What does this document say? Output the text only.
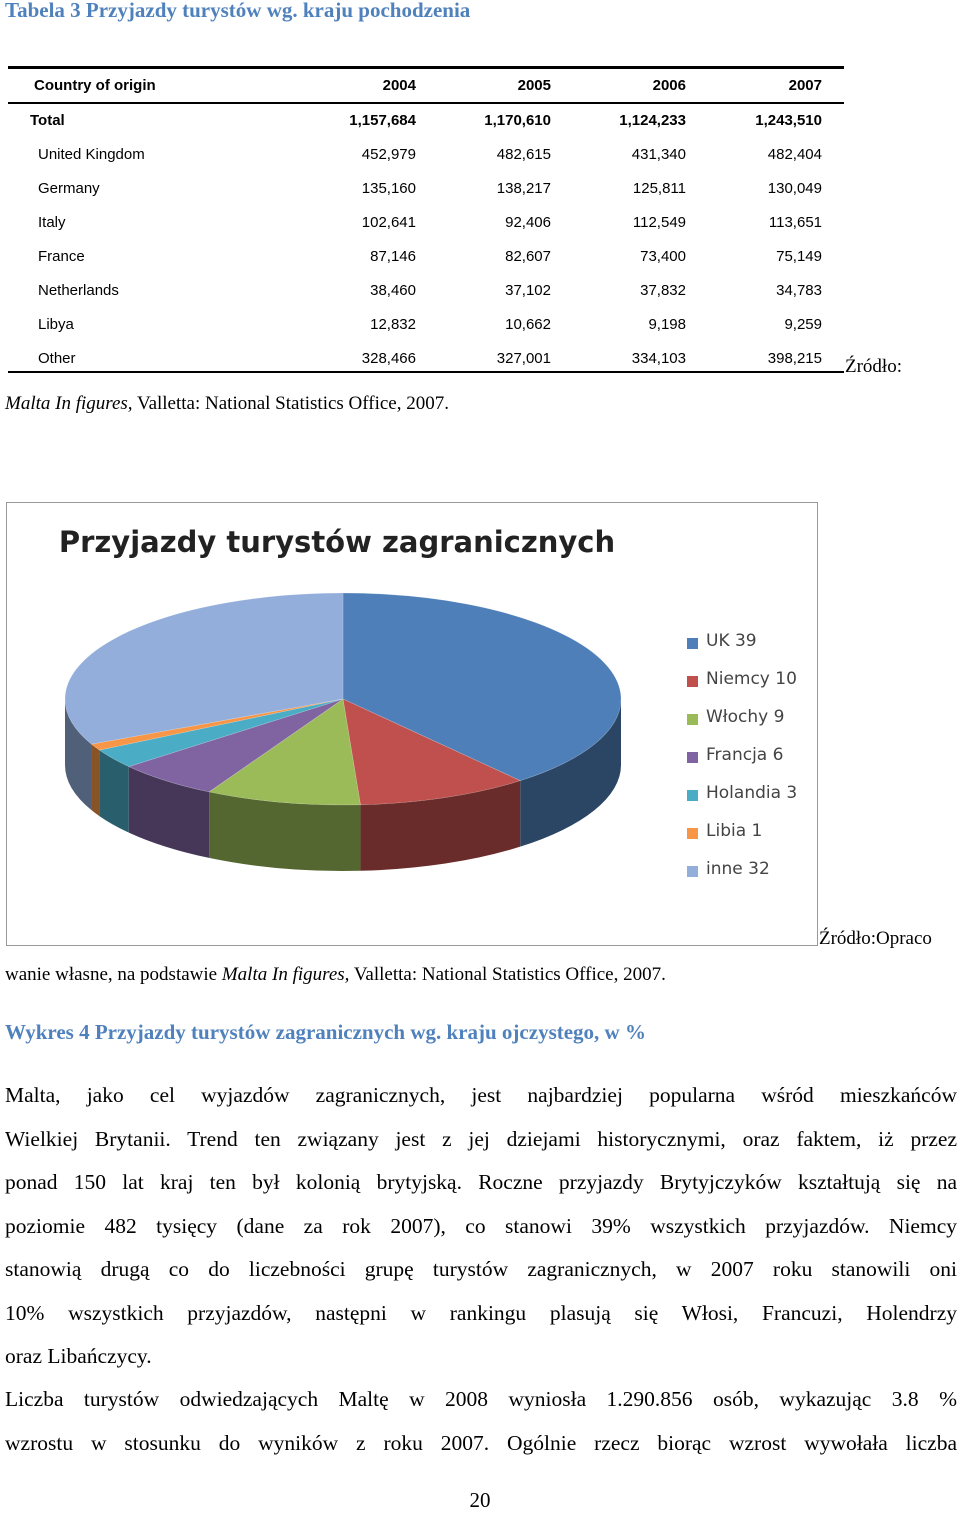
Tabela 3 Przyjazdy turystów wg. kraju pochodzenia
Country of origin	2004	2005	2006	2007
Total	1,157,684	1,170,610	1,124,233	1,243,510
United Kingdom	452,979	482,615	431,340	482,404
Germany	135,160	138,217	125,811	130,049
Italy	102,641	92,406	112,549	113,651
France	87,146	82,607	73,400	75,149
Netherlands	38,460	37,102	37,832	34,783
Libya	12,832	10,662	9,198	9,259
Other	328,466	327,001	334,103	398,215 Źródło:
Malta In figures, Valletta: National Statistics Office, 2007.
Przyjazdy turystów zagranicznych
UK 39
Niemcy 10
Włochy 9
Francja 6
Holandia 3
Libia 1
inne 32
Źródło:Opraco
wanie własne, na podstawie Malta In figures, Valletta: National Statistics Office, 2007.
Wykres 4 Przyjazdy turystów zagranicznych wg. kraju ojczystego, w %
Malta, jako cel wyjazdów zagranicznych, jest najbardziej popularna wśród mieszkańców
Wielkiej Brytanii. Trend ten związany jest z jej dziejami historycznymi, oraz faktem, iż przez
ponad 150 lat kraj ten był kolonią brytyjską. Roczne przyjazdy Brytyjczyków kształtują się na
poziomie 482 tysięcy (dane za rok 2007), co stanowi 39% wszystkich przyjazdów. Niemcy
stanowią drugą co do liczebności grupę turystów zagranicznych, w 2007 roku stanowili oni
10% wszystkich przyjazdów, następni w rankingu plasują się Włosi, Francuzi, Holendrzy
oraz Libańczycy.
Liczba turystów odwiedzających Maltę w 2008 wyniosła 1.290.856 osób, wykazując 3.8 %
wzrostu w stosunku do wyników z roku 2007. Ogólnie rzecz biorąc wzrost wywołała liczba
20
